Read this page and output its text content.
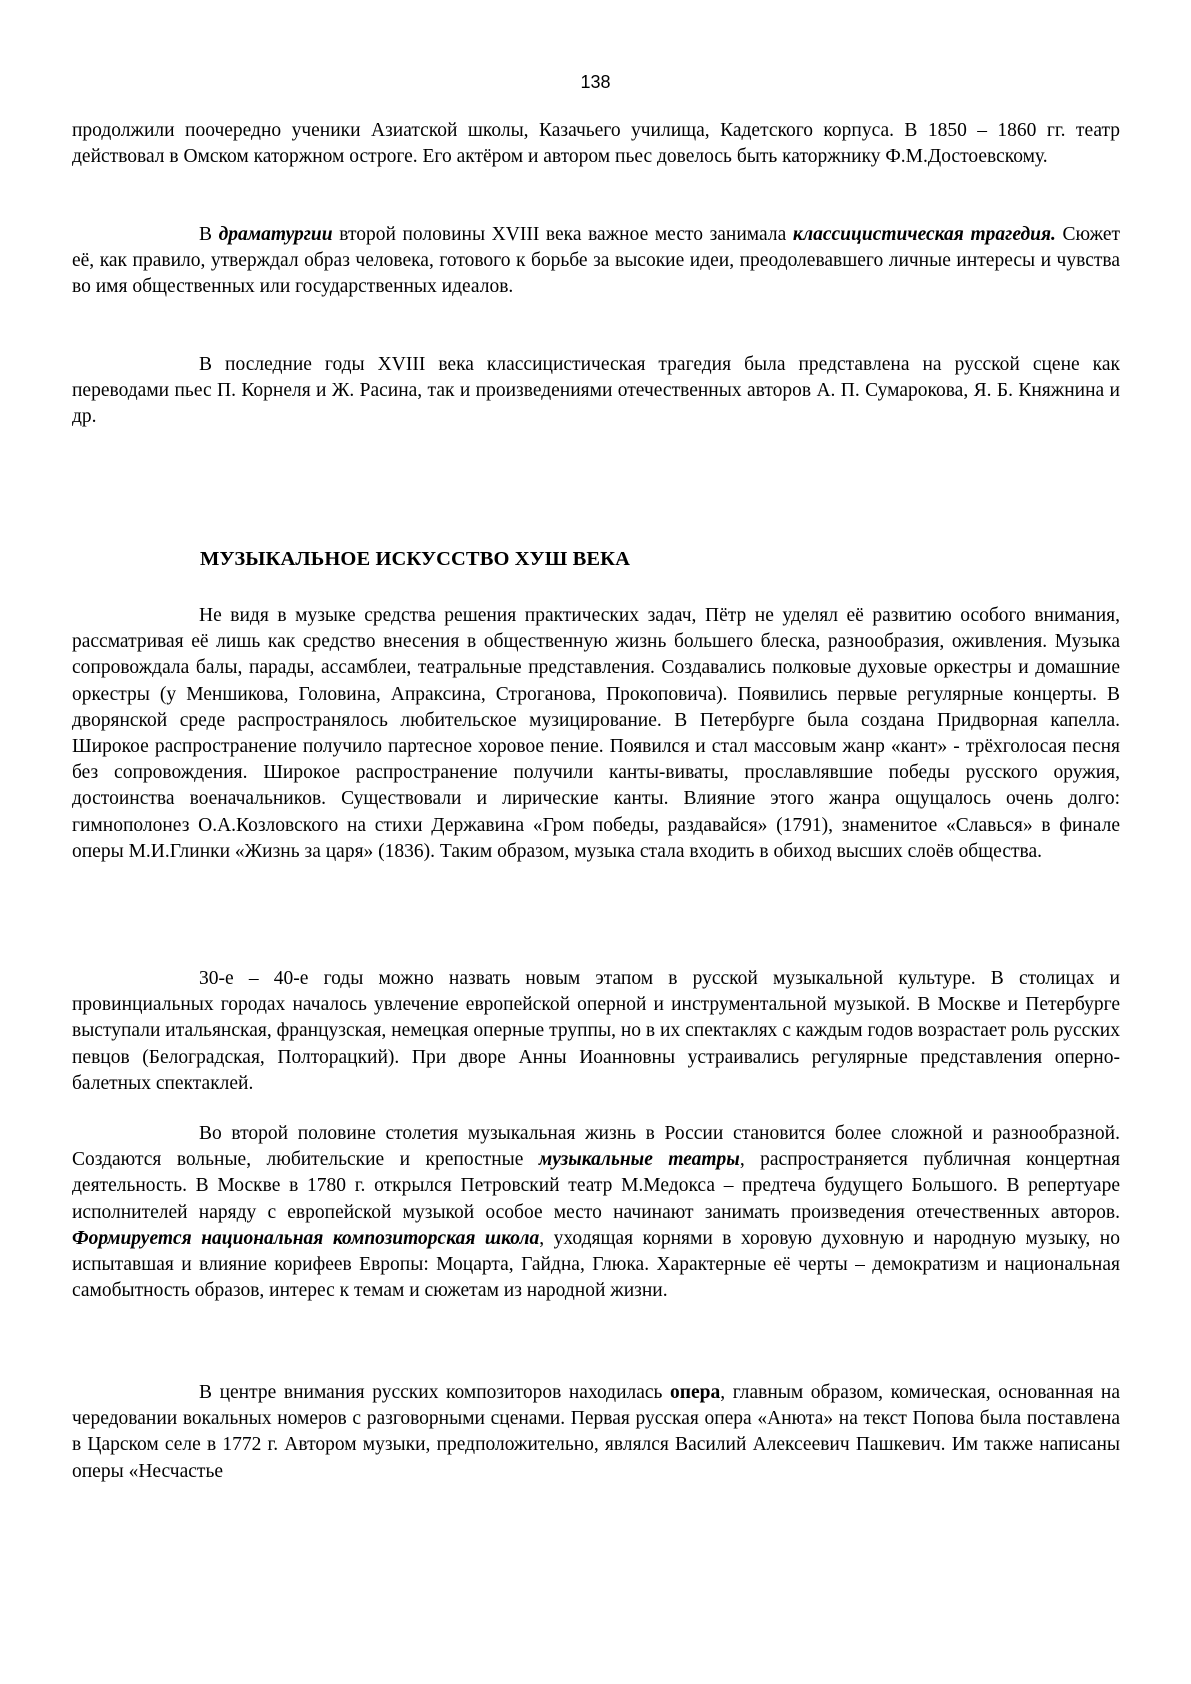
138

продолжили поочередно ученики Азиатской школы, Казачьего училища, Кадетского корпуса. В 1850 – 1860 гг. театр действовал в Омском каторжном остроге. Его актёром и автором пьес довелось быть каторжнику Ф.М.Достоевскому.

В драматургии второй половины XVIII века важное место занимала классицистическая трагедия. Сюжет её, как правило, утверждал образ человека, готового к борьбе за высокие идеи, преодолевавшего личные интересы и чувства во имя общественных или государственных идеалов.

В последние годы XVIII века классицистическая трагедия была представлена на русской сцене как переводами пьес П. Корнеля и Ж. Расина, так и произведениями отечественных авторов А. П. Сумарокова, Я. Б. Княжнина и др.

МУЗЫКАЛЬНОЕ ИСКУССТВО ХУШ ВЕКА

Не видя в музыке средства решения практических задач, Пётр не уделял её развитию особого внимания, рассматривая её лишь как средство внесения в общественную жизнь большего блеска, разнообразия, оживления. Музыка сопровождала балы, парады, ассамблеи, театральные представления. Создавались полковые духовые оркестры и домашние оркестры (у Меншикова, Головина, Апраксина, Строганова, Прокоповича). Появились первые регулярные концерты. В дворянской среде распространялось любительское музицирование. В Петербурге была создана Придворная капелла. Широкое распространение получило партесное хоровое пение. Появился и стал массовым жанр «кант» - трёхголосая песня без сопровождения. Широкое распространение получили канты-виваты, прославлявшие победы русского оружия, достоинства военачальников. Существовали и лирические канты. Влияние этого жанра ощущалось очень долго: гимнополонез О.А.Козловского на стихи Державина «Гром победы, раздавайся» (1791), знаменитое «Славься» в финале оперы М.И.Глинки «Жизнь за царя» (1836). Таким образом, музыка стала входить в обиход высших слоёв общества.

30-е – 40-е годы можно назвать новым этапом в русской музыкальной культуре. В столицах и провинциальных городах началось увлечение европейской оперной и инструментальной музыкой. В Москве и Петербурге выступали итальянская, французская, немецкая оперные труппы, но в их спектаклях с каждым годов возрастает роль русских певцов (Белоградская, Полторацкий). При дворе Анны Иоанновны устраивались регулярные представления оперно-балетных спектаклей.

Во второй половине столетия музыкальная жизнь в России становится более сложной и разнообразной. Создаются вольные, любительские и крепостные музыкальные театры, распространяется публичная концертная деятельность. В Москве в 1780 г. открылся Петровский театр М.Медокса – предтеча будущего Большого. В репертуаре исполнителей наряду с европейской музыкой особое место начинают занимать произведения отечественных авторов. Формируется национальная композиторская школа, уходящая корнями в хоровую духовную и народную музыку, но испытавшая и влияние корифеев Европы: Моцарта, Гайдна, Глюка. Характерные её черты – демократизм и национальная самобытность образов, интерес к темам и сюжетам из народной жизни.

В центре внимания русских композиторов находилась опера, главным образом, комическая, основанная на чередовании вокальных номеров с разговорными сценами. Первая русская опера «Анюта» на текст Попова была поставлена в Царском селе в 1772 г. Автором музыки, предположительно, являлся Василий Алексеевич Пашкевич. Им также написаны оперы «Несчастье
